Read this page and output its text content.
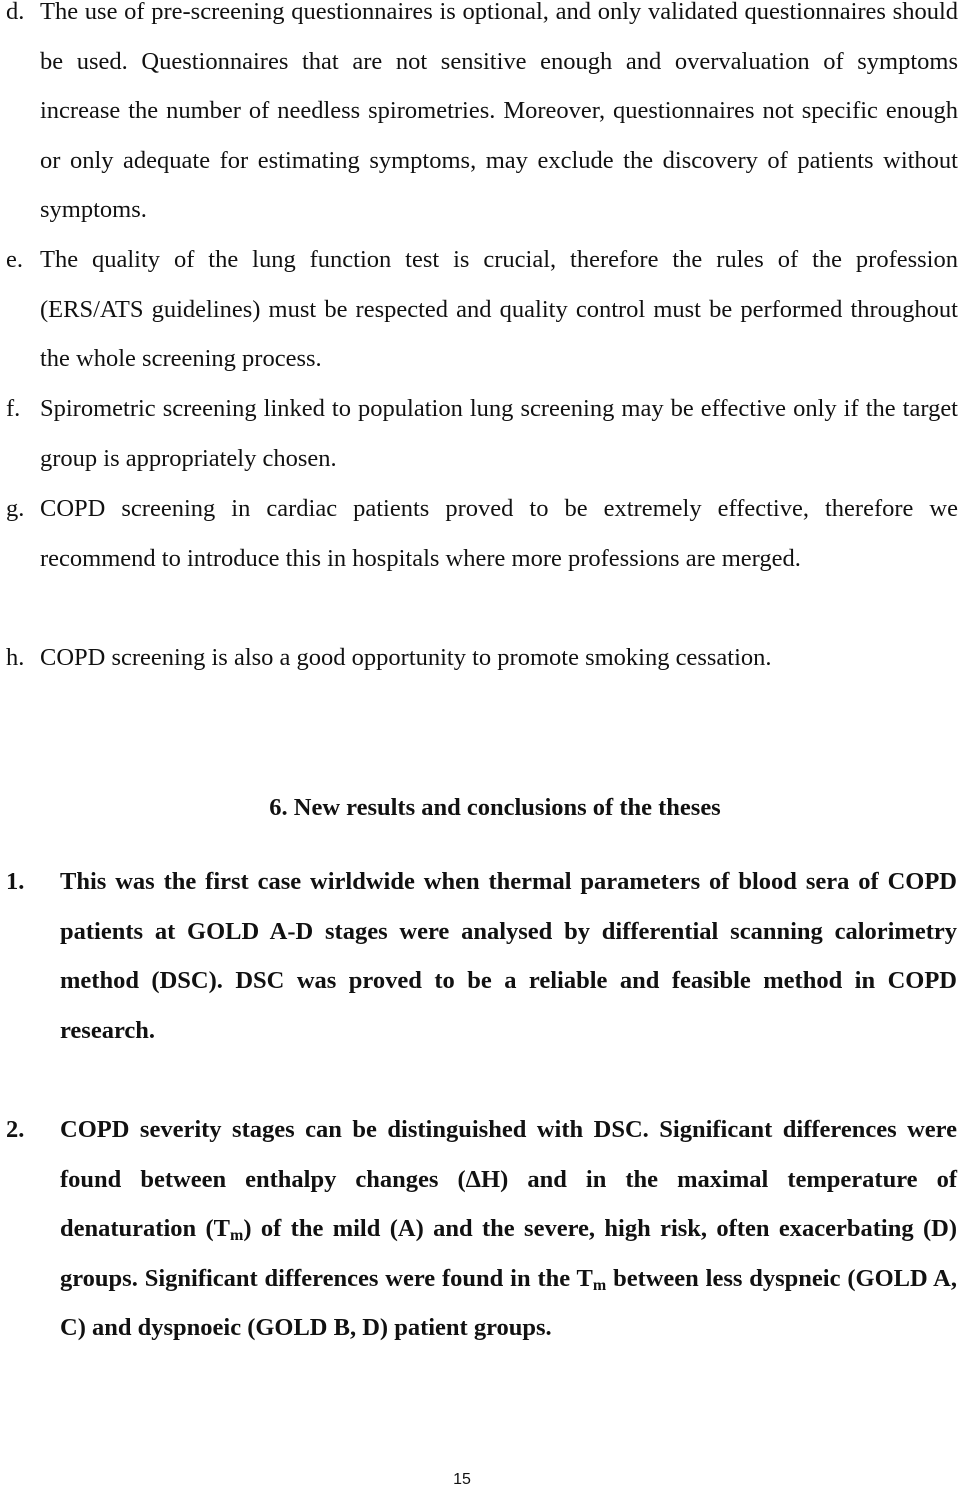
d. The use of pre-screening questionnaires is optional, and only validated questionnaires should be used. Questionnaires that are not sensitive enough and overvaluation of symptoms increase the number of needless spirometries. Moreover, questionnaires not specific enough or only adequate for estimating symptoms, may exclude the discovery of patients without symptoms.
e. The quality of the lung function test is crucial, therefore the rules of the profession (ERS/ATS guidelines) must be respected and quality control must be performed throughout the whole screening process.
f. Spirometric screening linked to population lung screening may be effective only if the target group is appropriately chosen.
g. COPD screening in cardiac patients proved to be extremely effective, therefore we recommend to introduce this in hospitals where more professions are merged.
h. COPD screening is also a good opportunity to promote smoking cessation.
6. New results and conclusions of the theses
1.	This was the first case wirldwide when thermal parameters of blood sera of COPD patients at GOLD A-D stages were analysed by differential scanning calorimetry method (DSC). DSC was proved to be a reliable and feasible method in COPD research.
2.	COPD severity stages can be distinguished with DSC. Significant differences were found between enthalpy changes (ΔH) and in the maximal temperature of denaturation $(T_m)$ of the mild (A) and the severe, high risk, often exacerbating (D) groups. Significant differences were found in the $T_m$ between less dyspneic (GOLD A, C) and dyspnoeic (GOLD B, D) patient groups.
15
